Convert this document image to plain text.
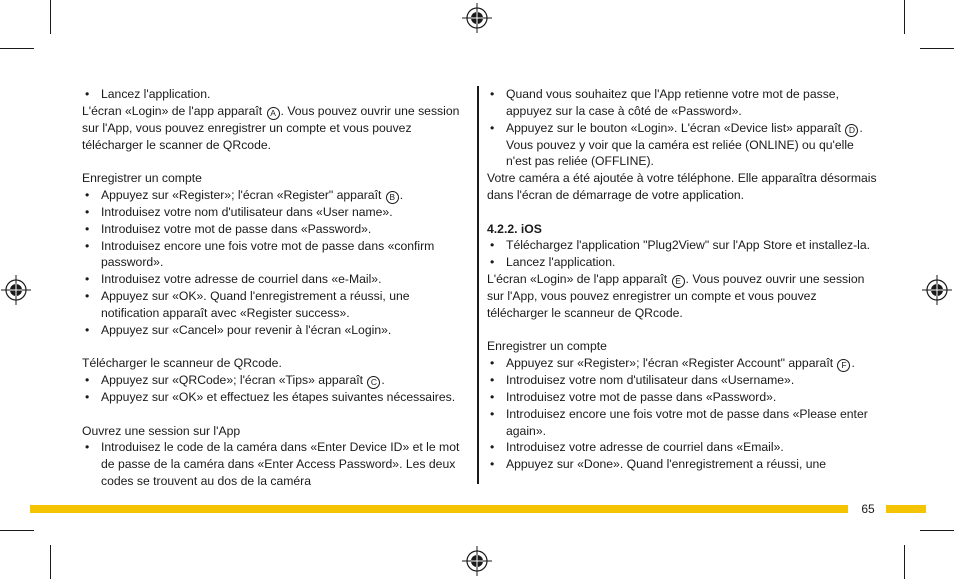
• Lancez l'application.

L'écran «Login» de l'app apparaît A . Vous pouvez ouvrir une session sur l'App, vous pouvez enregistrer un compte et vous pouvez télécharger le scanner de QRcode.

Enregistrer un compte

• Appuyez sur «Register»; l'écran «Register" apparaît B .

• Introduisez votre nom d'utilisateur dans «User name».

• Introduisez votre mot de passe dans «Password».

• Introduisez encore une fois votre mot de passe dans «confirm password».

• Introduisez votre adresse de courriel dans «e-Mail».

• Appuyez sur «OK». Quand l'enregistrement a réussi, une notification apparaît avec «Register success».

• Appuyez sur «Cancel» pour revenir à l'écran «Login».

Télécharger le scanneur de QRcode.

• Appuyez sur «QRCode»; l'écran «Tips» apparaît C .

• Appuyez sur «OK» et effectuez les étapes suivantes nécessaires.

Ouvrez une session sur l'App

• Introduisez le code de la caméra dans «Enter Device ID» et le mot de passe de la caméra dans «Enter Access Password». Les deux codes se trouvent au dos de la caméra

• Quand vous souhaitez que l'App retienne votre mot de passe, appuyez sur la case à côté de «Password».

• Appuyez sur le bouton «Login». L'écran «Device list» apparaît D . Vous pouvez y voir que la caméra est reliée (ONLINE) ou qu'elle n'est pas reliée (OFFLINE).

Votre caméra a été ajoutée à votre téléphone. Elle apparaîtra désormais dans l'écran de démarrage de votre application.

4.2.2. iOS

• Téléchargez l'application "Plug2View" sur l'App Store et installez-la.

• Lancez l'application.

L'écran «Login» de l'app apparaît E . Vous pouvez ouvrir une session sur l'App, vous pouvez enregistrer un compte et vous pouvez télécharger le scanneur de QRcode.

Enregistrer un compte

• Appuyez sur «Register»; l'écran «Register Account" apparaît F .

• Introduisez votre nom d'utilisateur dans «Username».

• Introduisez votre mot de passe dans «Password».

• Introduisez encore une fois votre mot de passe dans «Please enter again».

• Introduisez votre adresse de courriel dans «Email».

• Appuyez sur «Done». Quand l'enregistrement a réussi, une

65
